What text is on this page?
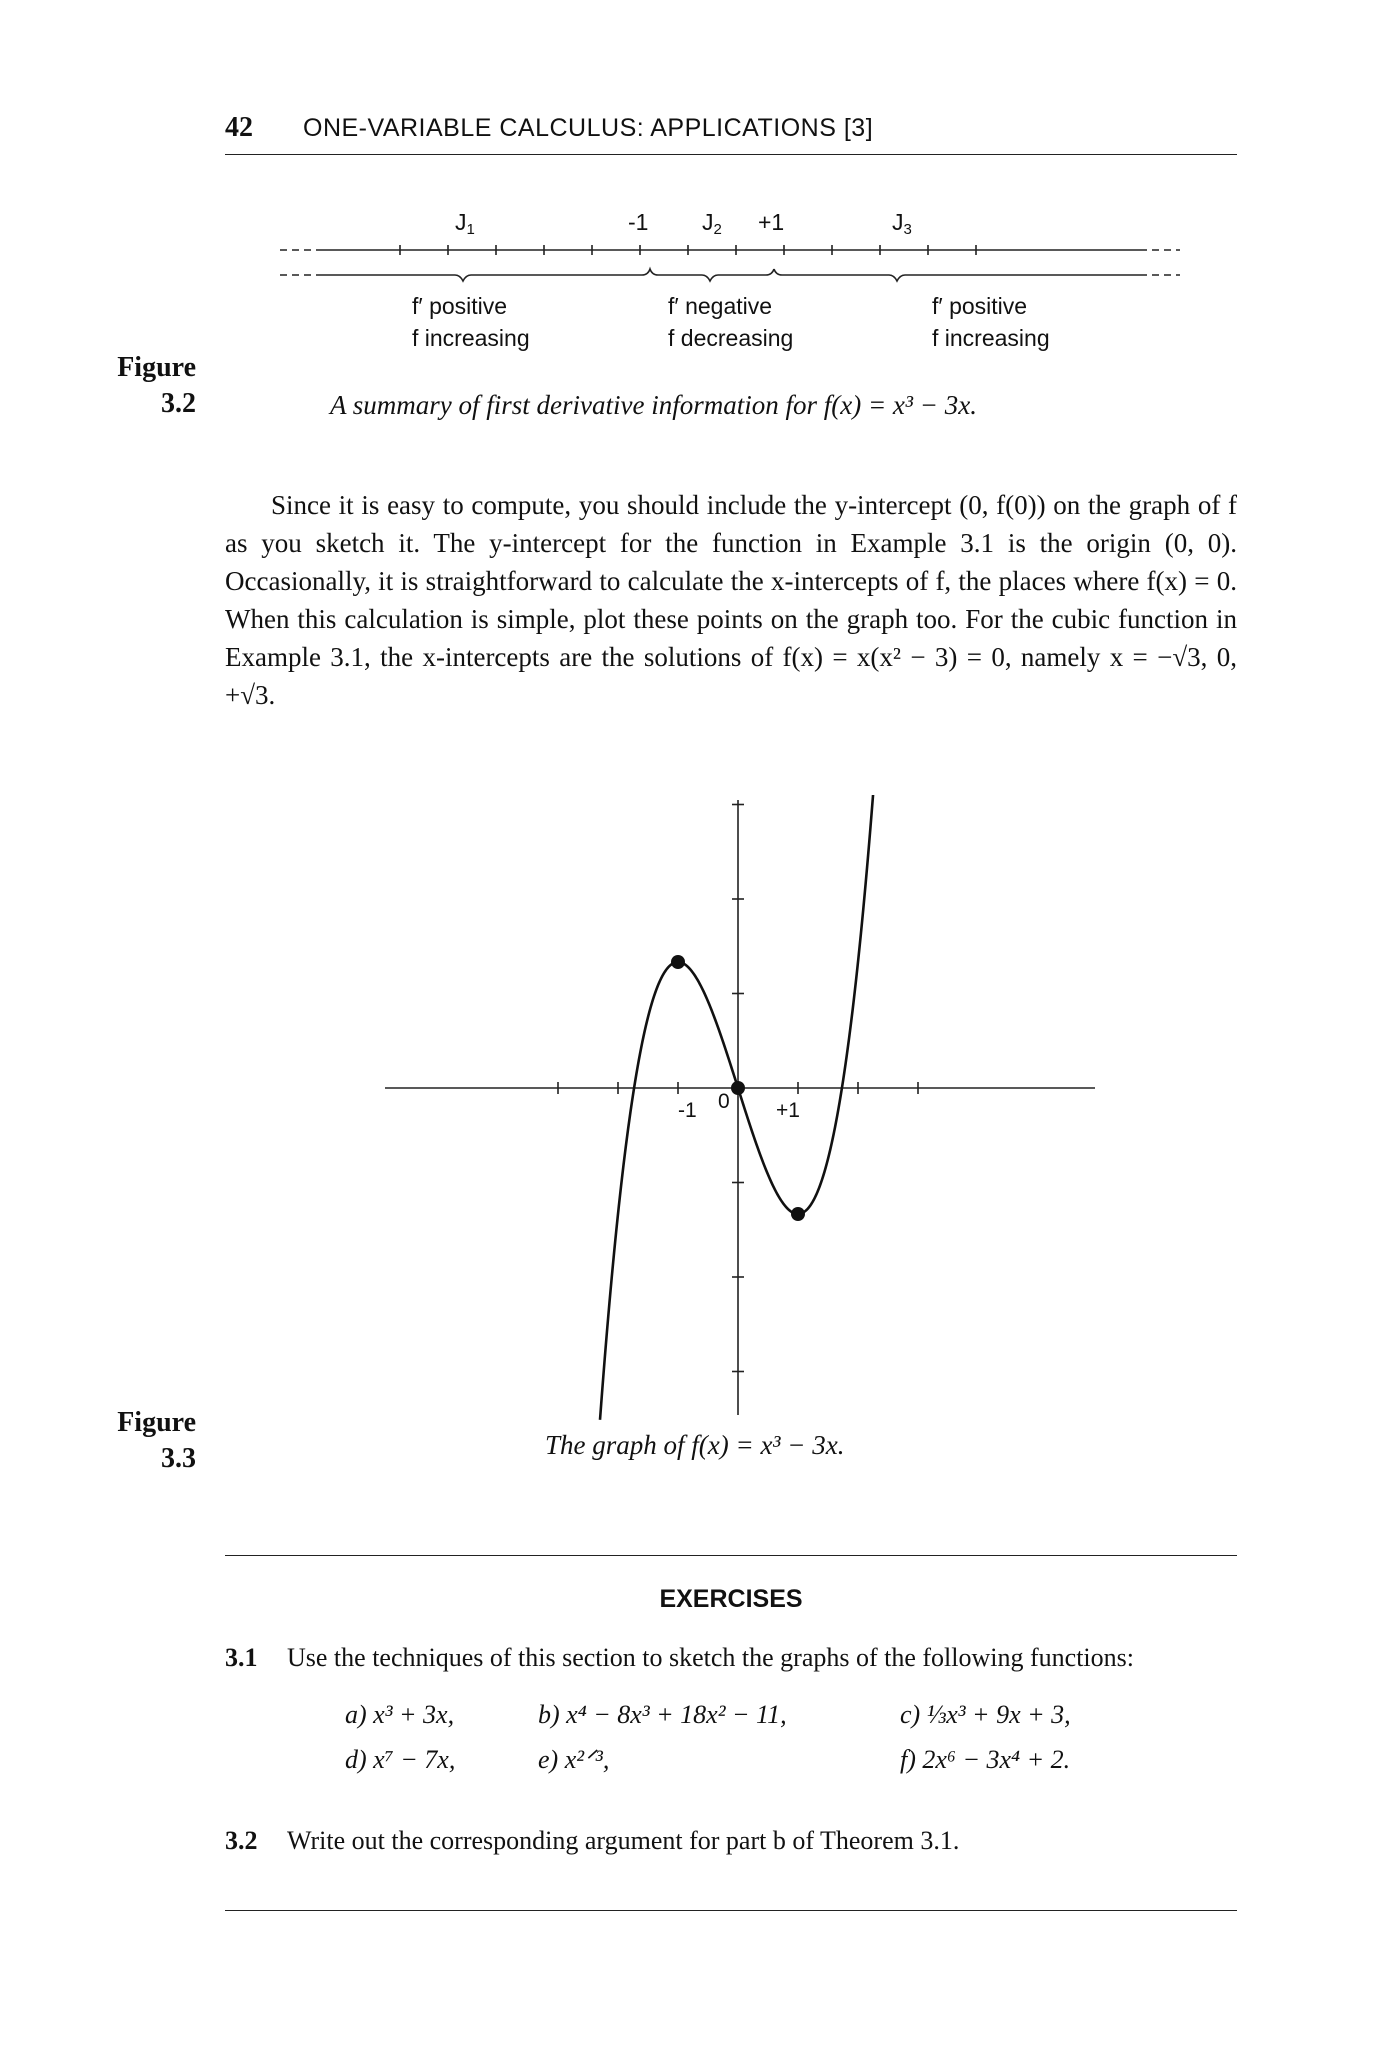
42 ONE-VARIABLE CALCULUS: APPLICATIONS [3]
Figure
3.2
J1	-1 J2 +1	J3
f′ positive
f increasing
f′ negative
f decreasing
f′ positive
f increasing
A summary of first derivative information for f(x) = x³ − 3x.

Since it is easy to compute, you should include the y-intercept (0, f(0)) on the graph of f as you sketch it. The y-intercept for the function in Example 3.1 is the origin (0, 0). Occasionally, it is straightforward to calculate the x-intercepts of f, the places where f(x) = 0. When this calculation is simple, plot these points on the graph too. For the cubic function in Example 3.1, the x-intercepts are the solutions of f(x) = x(x² − 3) = 0, namely x = −√3, 0, +√3.

Figure
3.3
-1 0 +1
The graph of f(x) = x³ − 3x.
EXERCISES
3.1 Use the techniques of this section to sketch the graphs of the following functions:
a) x³ + 3x,	b) x⁴ − 8x³ + 18x² − 11,	c) ⅓x³ + 9x + 3,
d) x⁷ − 7x,	e) x²ᐟ³,	f) 2x⁶ − 3x⁴ + 2.
3.2 Write out the corresponding argument for part b of Theorem 3.1.
